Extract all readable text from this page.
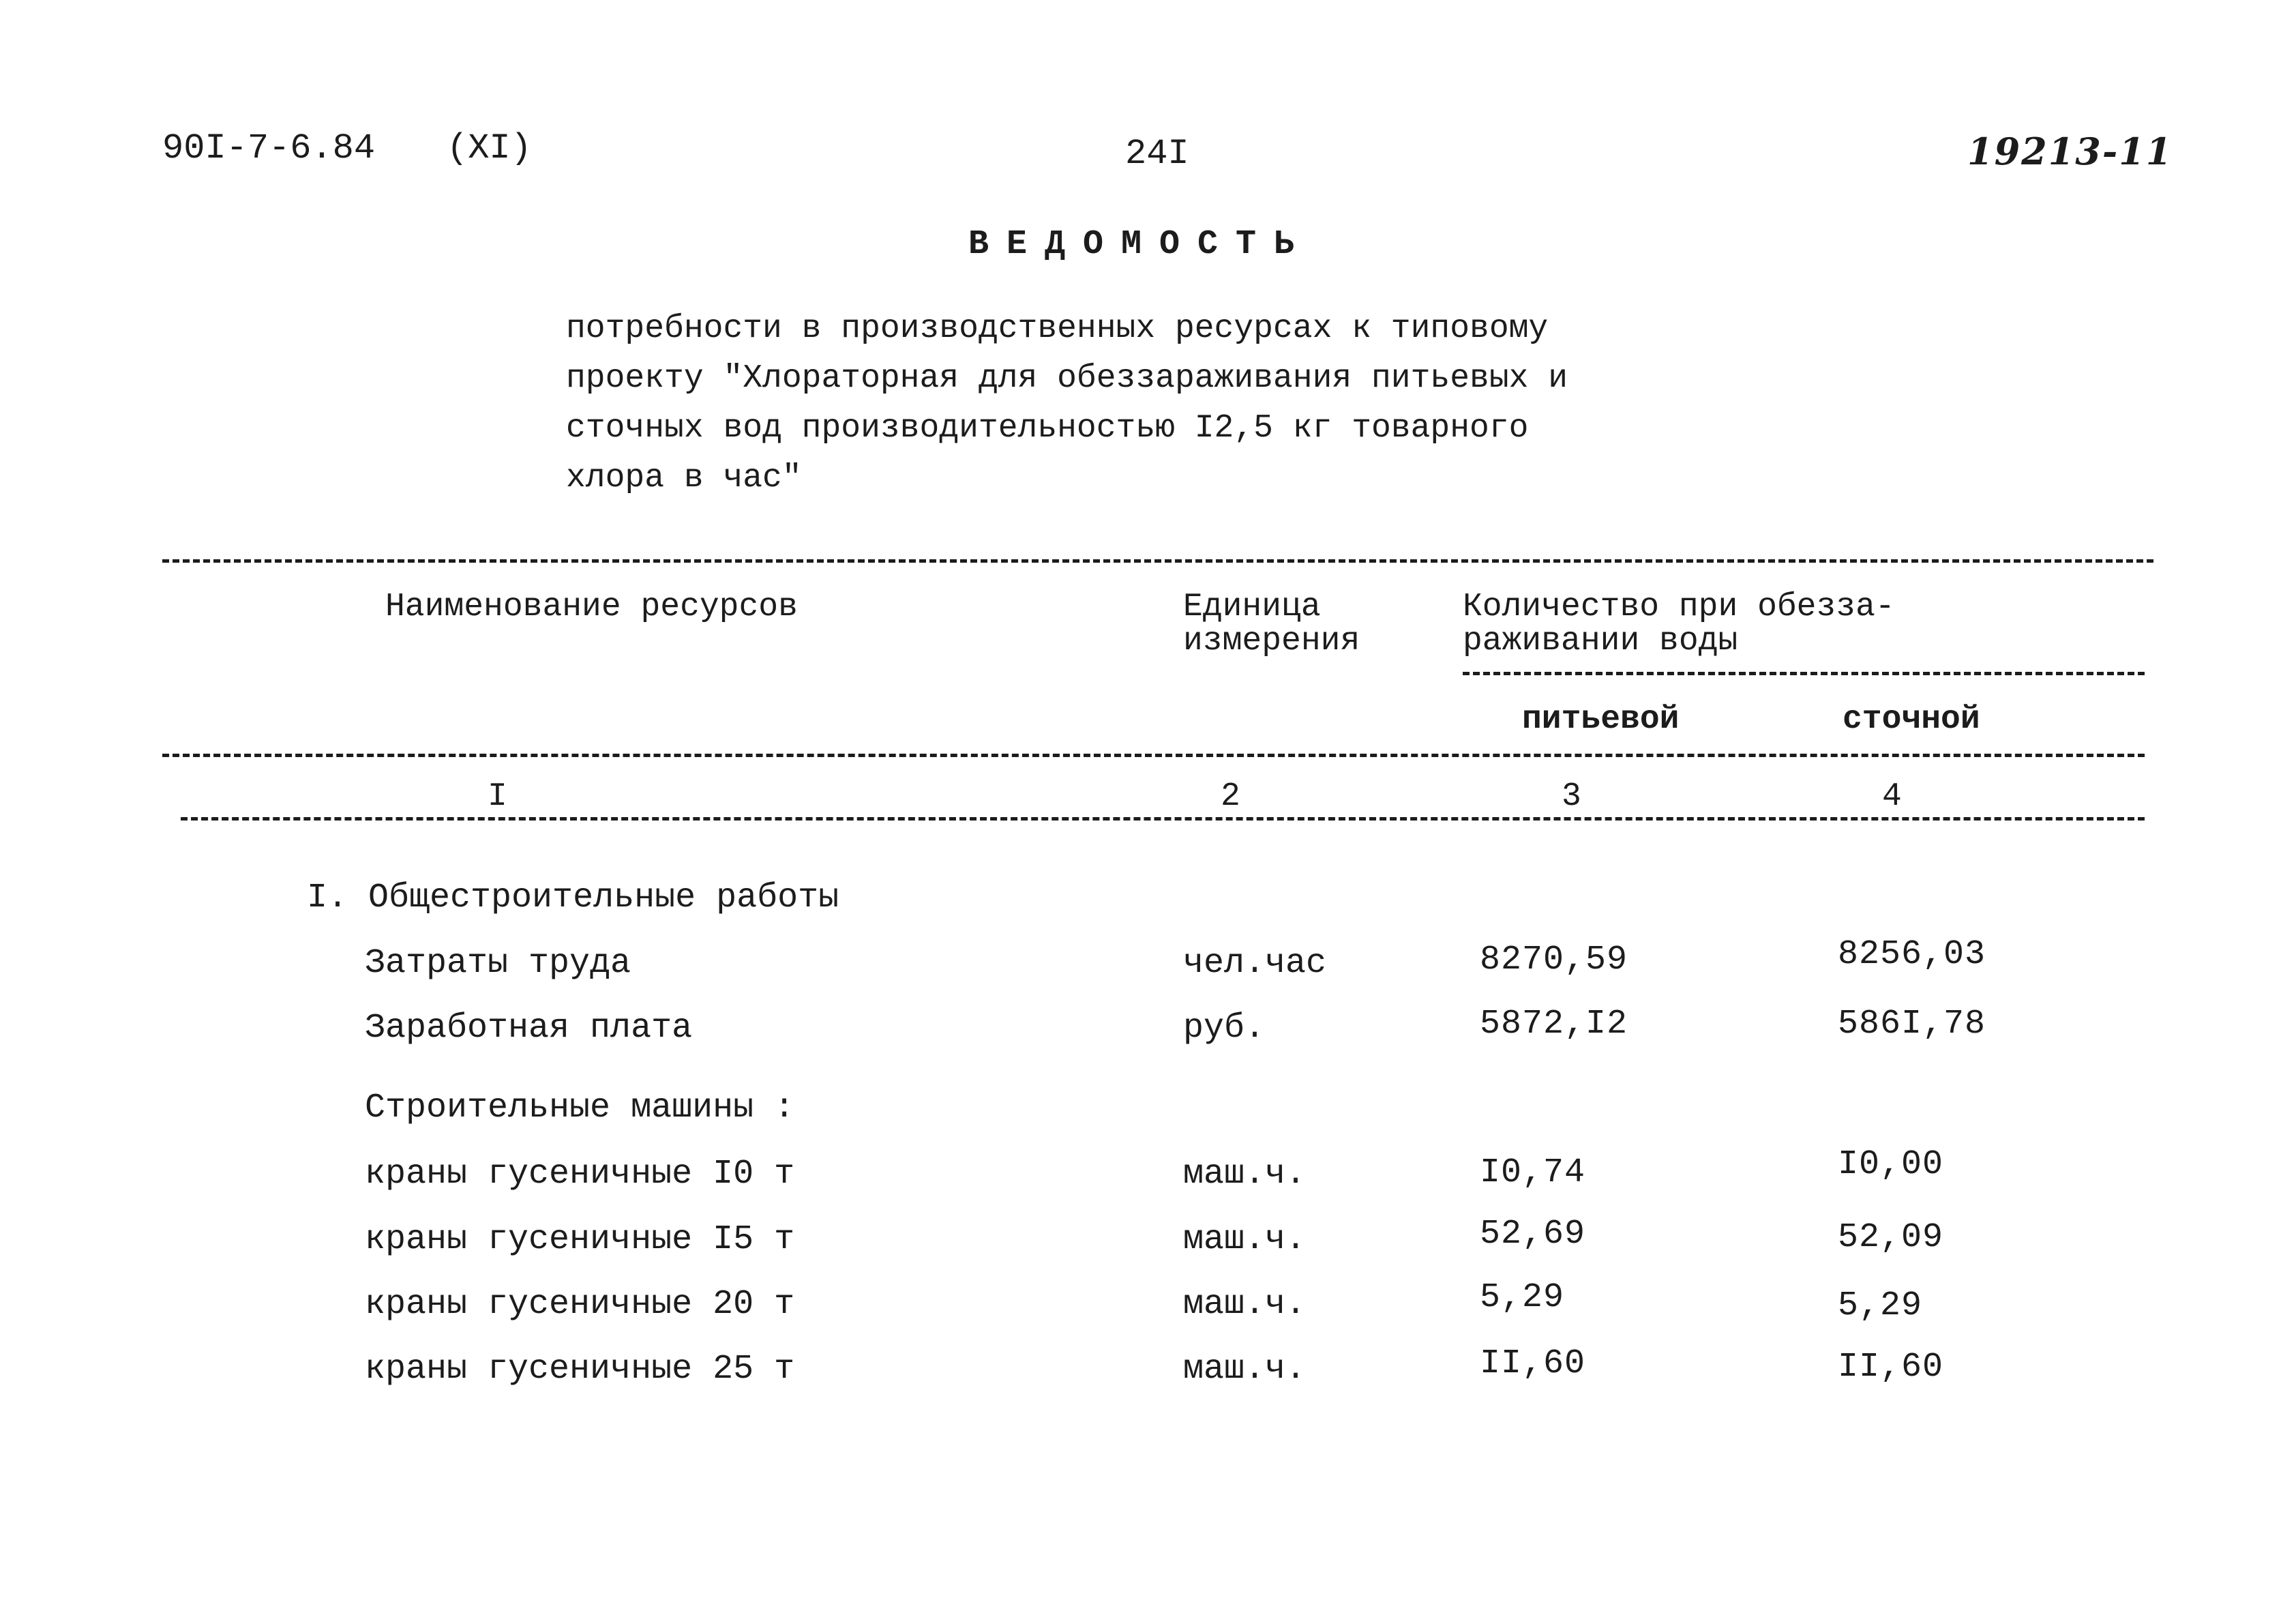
90I-7-6.84 (XI)	24I	19213-11
ВЕДОМОСТЬ
потребности в производственных ресурсах к типовому
проекту "Хлораторная для обеззараживания питьевых и
сточных вод производительностью I2,5 кг товарного
хлора в час"
Наименование ресурсов	Единица
измерения
Количество при обезза-
раживании воды
питьевой	сточной
I	2	3	4
I. Общестроительные работы
Затраты труда	чел.час	8270,59	8256,03
Заработная плата	руб.	5872,I2	586I,78
Строительные машины :
краны гусеничные I0 т	маш.ч.	I0,74	I0,00
краны гусеничные I5 т	маш.ч.	52,69	52,09
краны гусеничные 20 т	маш.ч.	5,29	5,29
краны гусеничные 25 т	маш.ч.	II,60	II,60
